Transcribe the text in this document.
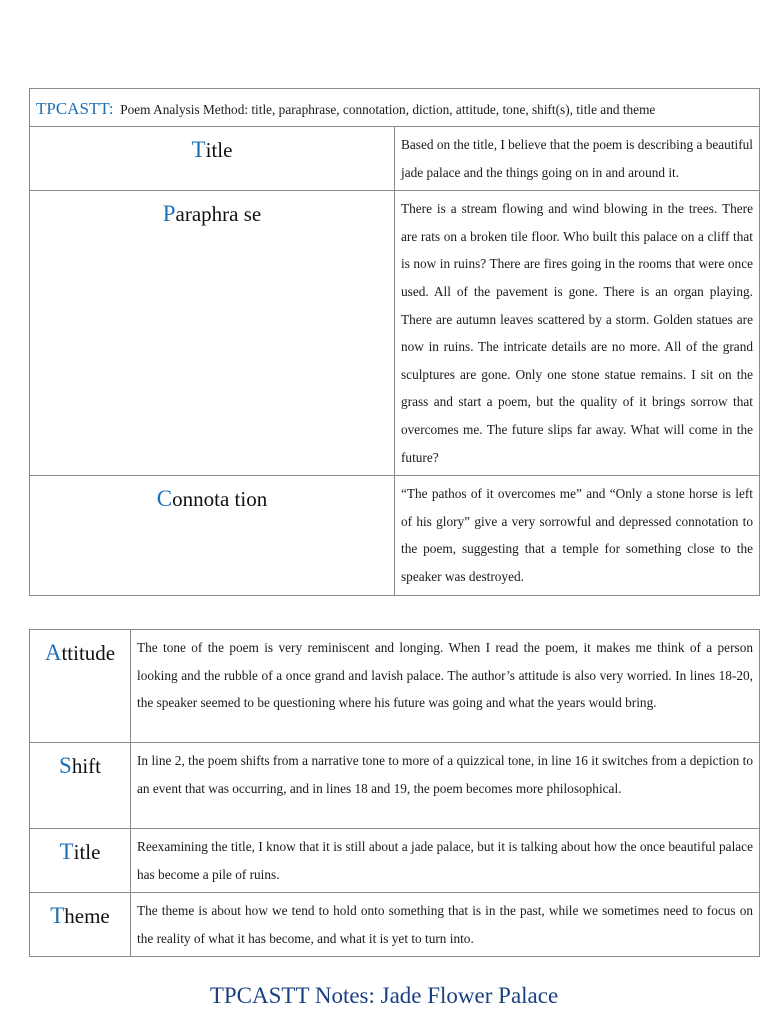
TPCASTT: Poem Analysis Method: title, paraphrase, connotation, diction, attitude, tone, shift(s), title and theme	
Title	Based on the title, I believe that the poem is describing a beautiful jade palace and the things going on in and around it.
Paraphra se	There is a stream flowing and wind blowing in the trees. There are rats on a broken tile floor. Who built this palace on a cliff that is now in ruins? There are fires going in the rooms that were once used. All of the pavement is gone. There is an organ playing. There are autumn leaves scattered by a storm. Golden statues are now in ruins. The intricate details are no more. All of the grand sculptures are gone. Only one stone statue remains. I sit on the grass and start a poem, but the quality of it brings sorrow that overcomes me. The future slips far away. What will come in the future?
Connota tion	“The pathos of it overcomes me” and “Only a stone horse is left of his glory” give a very sorrowful and depressed connotation to the poem, suggesting that a temple for something close to the speaker was destroyed.
Attitude	The tone of the poem is very reminiscent and longing. When I read the poem, it makes me think of a person looking and the rubble of a once grand and lavish palace. The author’s attitude is also very worried. In lines 18-20, the speaker seemed to be questioning where his future was going and what the years would bring.
Shift	In line 2, the poem shifts from a narrative tone to more of a quizzical tone, in line 16 it switches from a depiction to an event that was occurring, and in lines 18 and 19, the poem becomes more philosophical.
Title	Reexamining the title, I know that it is still about a jade palace, but it is talking about how the once beautiful palace has become a pile of ruins.
Theme	The theme is about how we tend to hold onto something that is in the past, while we sometimes need to focus on the reality of what it has become, and what it is yet to turn into.
TPCASTT Notes: Jade Flower Palace
